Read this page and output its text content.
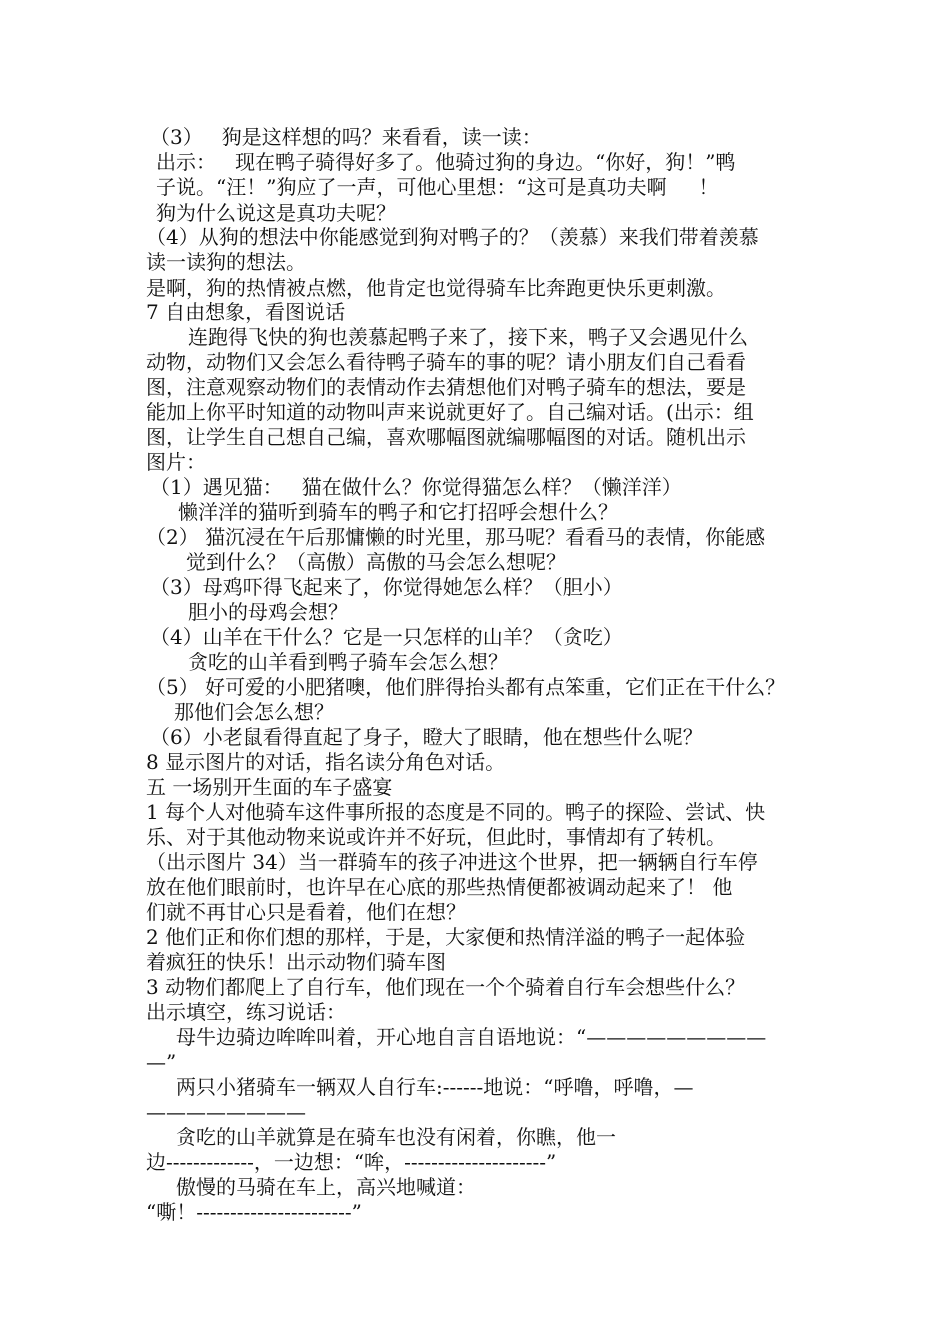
（3）   狗是这样想的吗？来看看，读一读：
出示：   现在鸭子骑得好多了。他骑过狗的身边。“你好，狗！”鸭
子说。“汪！”狗应了一声，可他心里想：“这可是真功夫啊     ！
狗为什么说这是真功夫呢？
（4）从狗的想法中你能感觉到狗对鸭子的？（羡慕）来我们带着羡慕
读一读狗的想法。
是啊，狗的热情被点燃，他肯定也觉得骑车比奔跑更快乐更刺激。
7 自由想象，看图说话
连跑得飞快的狗也羡慕起鸭子来了，接下来，鸭子又会遇见什么
动物，动物们又会怎么看待鸭子骑车的事的呢？请小朋友们自己看看
图，注意观察动物们的表情动作去猜想他们对鸭子骑车的想法，要是
能加上你平时知道的动物叫声来说就更好了。自己编对话。(出示：组
图，让学生自己想自己编，喜欢哪幅图就编哪幅图的对话。随机出示
图片：
（1）遇见猫：   猫在做什么？你觉得猫怎么样？（懒洋洋）
懒洋洋的猫听到骑车的鸭子和它打招呼会想什么？
（2） 猫沉浸在午后那慵懒的时光里，那马呢？看看马的表情，你能感
觉到什么？（高傲）高傲的马会怎么想呢？
（3）母鸡吓得飞起来了，你觉得她怎么样？（胆小）
胆小的母鸡会想？
（4）山羊在干什么？它是一只怎样的山羊？（贪吃）
贪吃的山羊看到鸭子骑车会怎么想？
（5） 好可爱的小肥猪噢，他们胖得抬头都有点笨重，它们正在干什么？
那他们会怎么想？
（6）小老鼠看得直起了身子，瞪大了眼睛，他在想些什么呢？
8 显示图片的对话，指名读分角色对话。
五 一场别开生面的车子盛宴
1 每个人对他骑车这件事所报的态度是不同的。鸭子的探险、尝试、快
乐、对于其他动物来说或许并不好玩，但此时，事情却有了转机。
（出示图片 34）当一群骑车的孩子冲进这个世界，把一辆辆自行车停
放在他们眼前时，也许早在心底的那些热情便都被调动起来了！ 他
们就不再甘心只是看着，他们在想？
2 他们正和你们想的那样，于是，大家便和热情洋溢的鸭子一起体验
着疯狂的快乐！出示动物们骑车图
3 动物们都爬上了自行车，他们现在一个个骑着自行车会想些什么？
出示填空，练习说话：
母牛边骑边哞哞叫着，开心地自言自语地说：“—————————
—”
两只小猪骑车一辆双人自行车:------地说：“呼噜，呼噜，—
————————
贪吃的山羊就算是在骑车也没有闲着，你瞧，他一
边-------------，一边想：“哞，---------------------”
傲慢的马骑在车上，高兴地喊道：
“嘶！-----------------------”
